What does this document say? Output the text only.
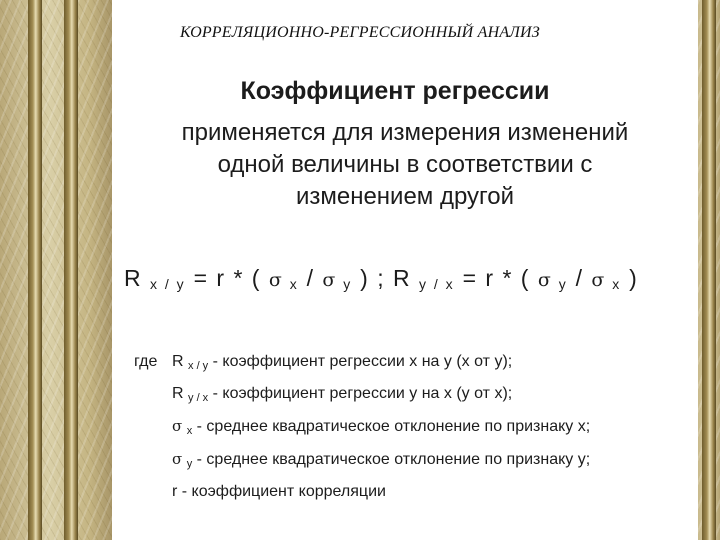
КОРРЕЛЯЦИОННО-РЕГРЕССИОННЫЙ АНАЛИЗ
Коэффициент регрессии
применяется для измерения изменений
одной величины в соответствии с
изменением другой
R $_{x / y}$ = r * ( σ $_x$ / σ $_y$ ) ; R $_{y / x}$ = r * ( σ $_y$ / σ $_x$ )
где R $_{x / y}$ - коэффициент регрессии х на у (х от у);
R $_{y / x}$ - коэффициент регрессии у на х (у от х);
σ $_x$ - среднее квадратическое отклонение по признаку х;
σ $_y$ - среднее квадратическое отклонение по признаку у;
r - коэффициент корреляции
